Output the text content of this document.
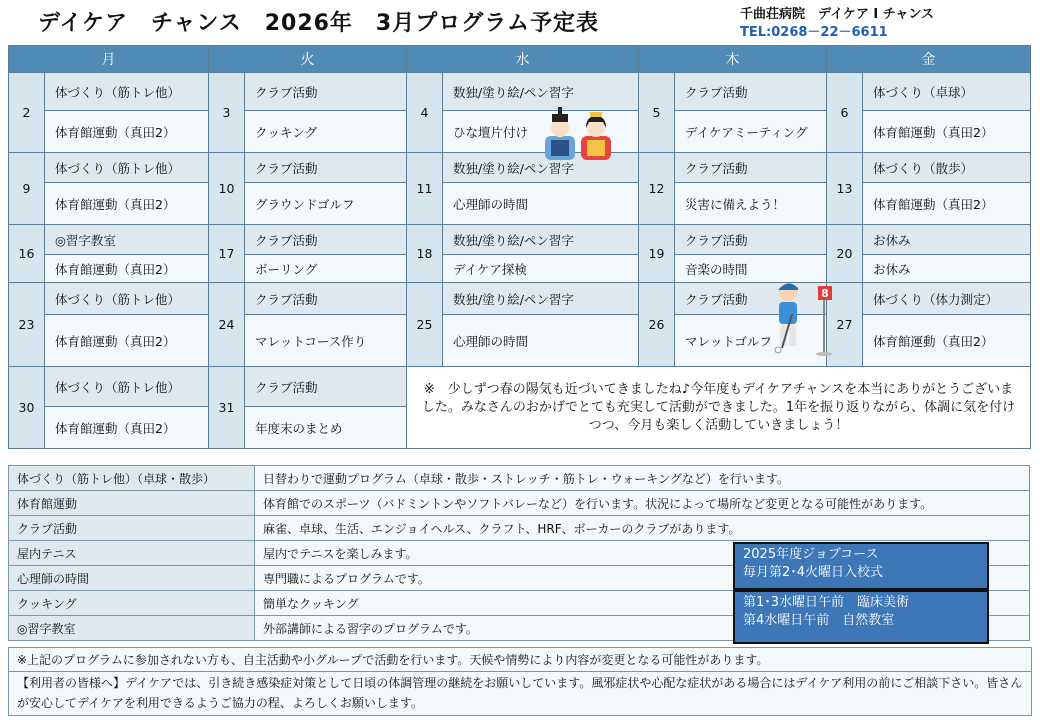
デイケア　チャンス　2026年　3月プログラム予定表	千曲荘病院　デイケア I チャンス
TEL:0268－22－6611
月		火		水		木		金	
2	体づくり（筋トレ他）	3	クラブ活動	4	数独/塗り絵/ペン習字	5	クラブ活動	6	体づくり（卓球）
	体育館運動（真田2）		クッキング		ひな壇片付け		デイケアミーティング		体育館運動（真田2）
9	体づくり（筋トレ他）	10	クラブ活動	11	数独/塗り絵/ペン習字	12	クラブ活動	13	体づくり（散歩）
	体育館運動（真田2）		グラウンドゴルフ		心理師の時間		災害に備えよう！		体育館運動（真田2）
16	◎習字教室	17	クラブ活動	18	数独/塗り絵/ペン習字	19	クラブ活動	20	お休み
	体育館運動（真田2）		ボーリング		デイケア探検		音楽の時間		お休み
23	体づくり（筋トレ他）	24	クラブ活動	25	数独/塗り絵/ペン習字	26	クラブ活動	27	体づくり（体力測定）
	体育館運動（真田2）		マレットコース作り		心理師の時間		マレットゴルフ		体育館運動（真田2）
30	体づくり（筋トレ他）	31	クラブ活動	※　少しずつ春の陽気も近づいてきましたね♪今年度もデイケアチャンスを本当にありがとうございました。みなさんのおかげでとても充実して活動ができました。1年を振り返りながら、体調に気を付けつつ、今月も楽しく活動していきましょう！					
	体育館運動（真田2）		年度末のまとめ						
8
体づくり（筋トレ他）（卓球・散歩）	日替わりで運動プログラム（卓球・散歩・ストレッチ・筋トレ・ウォーキングなど）を行います。
体育館運動	体育館でのスポーツ（バドミントンやソフトバレーなど）を行います。状況によって場所など変更となる可能性があります。
クラブ活動	麻雀、卓球、生活、エンジョイヘルス、クラフト、HRF、ボーカーのクラブがあります。
屋内テニス	屋内でテニスを楽しみます。
心理師の時間	専門職によるプログラムです。
クッキング	簡単なクッキング
◎習字教室	外部講師による習字のプログラムです。
2025年度ジョブコース
毎月第2･4火曜日入校式
第1･3水曜日午前　臨床美術
第4水曜日午前　自然教室
※上記のプログラムに参加されない方も、自主活動や小グループで活動を行います。天候や情勢により内容が変更となる可能性があります。
【利用者の皆様へ】デイケアでは、引き続き感染症対策として日頃の体調管理の継続をお願いしています。風邪症状や心配な症状がある場合にはデイケア利用の前にご相談下さい。皆さんが安心してデイケアを利用できるようご協力の程、よろしくお願いします。
